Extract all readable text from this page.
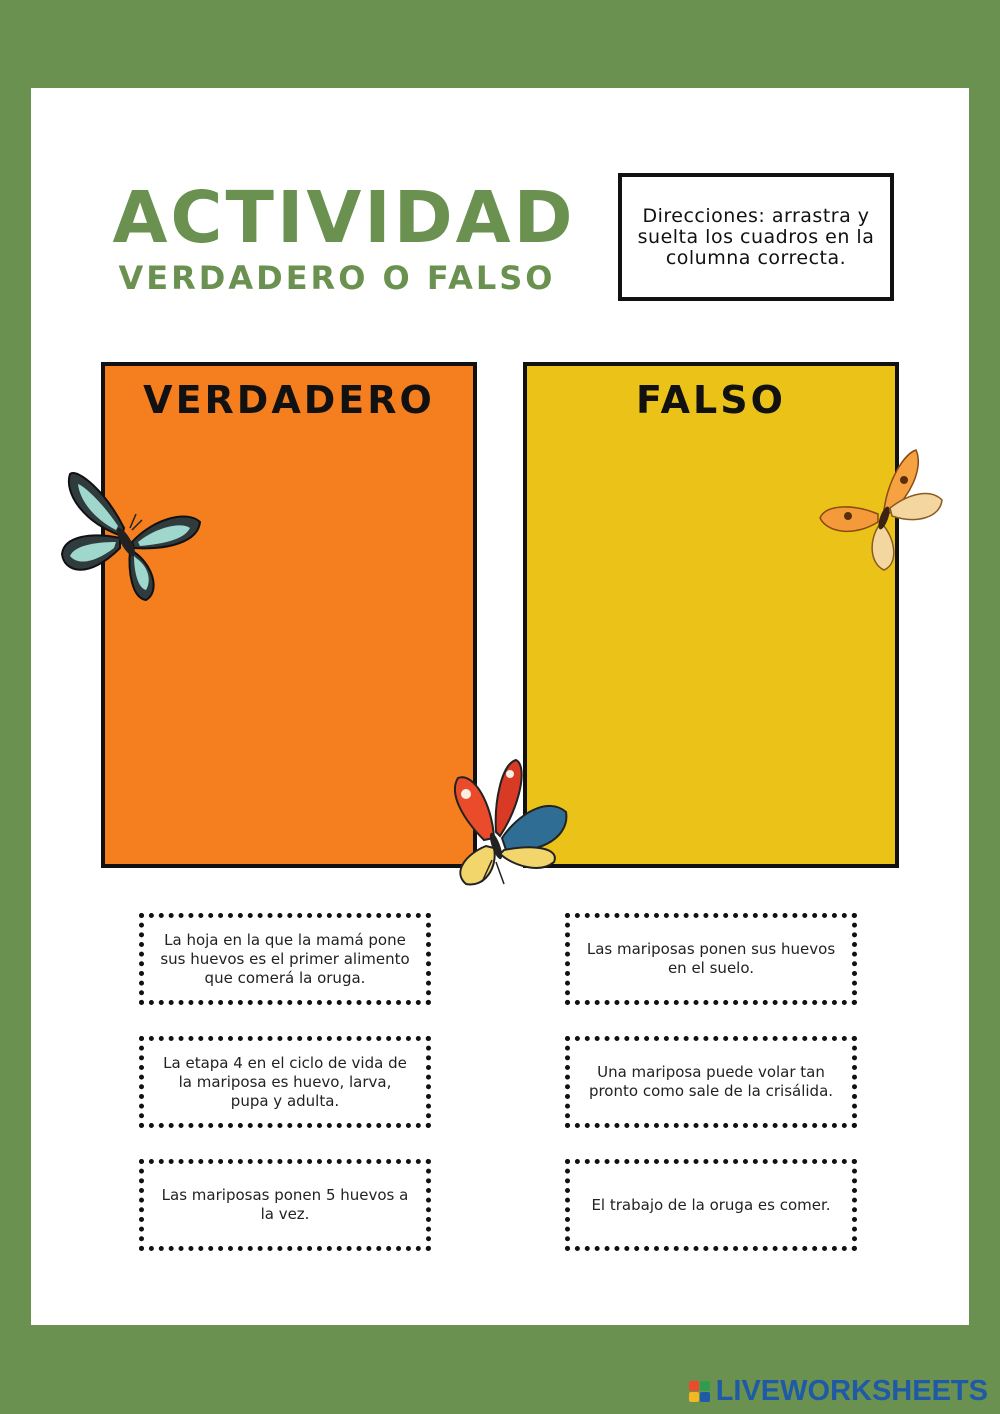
ACTIVIDAD
VERDADERO O FALSO
Direcciones: arrastra y suelta los cuadros en la columna correcta.
VERDADERO	FALSO
La hoja en la que la mamá pone sus huevos es el primer alimento que comerá la oruga.
Las mariposas ponen sus huevos en el suelo.
La etapa 4 en el ciclo de vida de la mariposa es huevo, larva, pupa y adulta.
Una mariposa puede volar tan pronto como sale de la crisálida.
Las mariposas ponen 5 huevos a la vez.
El trabajo de la oruga es comer.
LIVEWORKSHEETS
